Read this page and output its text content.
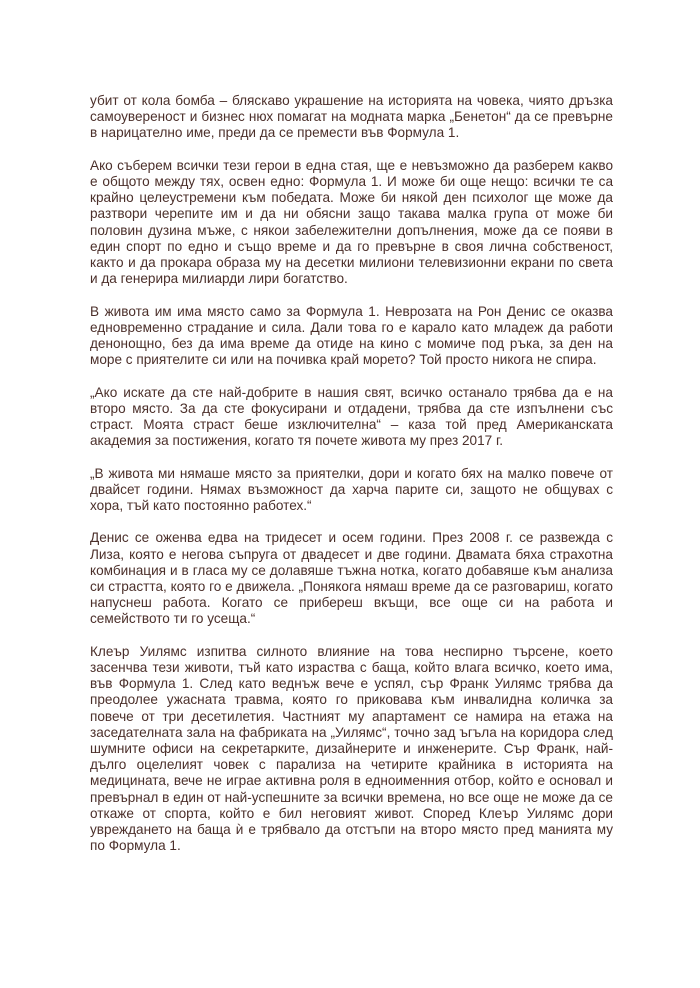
убит от кола бомба – бляскаво украшение на историята на човека, чиято дръзка самоувереност и бизнес нюх помагат на модната марка „Бенетон“ да се превърне в нарицателно име, преди да се премести във Формула 1.

Ако съберем всички тези герои в една стая, ще е невъзможно да разберем какво е общото между тях, освен едно: Формула 1. И може би още нещо: всички те са крайно целеустремени към победата. Може би някой ден психолог ще може да разтвори черепите им и да ни обясни защо такава малка група от може би половин дузина мъже, с някои забележителни допълнения, може да се появи в един спорт по едно и също време и да го превърне в своя лична собственост, както и да прокара образа му на десетки милиони телевизионни екрани по света и да генерира милиарди лири богатство.

В живота им има място само за Формула 1. Неврозата на Рон Денис се оказва едновременно страдание и сила. Дали това го е карало като младеж да работи денонощно, без да има време да отиде на кино с момиче под ръка, за ден на море с приятелите си или на почивка край морето? Той просто никога не спира.

„Ако искате да сте най-добрите в нашия свят, всичко останало трябва да е на второ място. За да сте фокусирани и отдадени, трябва да сте изпълнени със страст. Моята страст беше изключителна“ – каза той пред Американската академия за постижения, когато тя почете живота му през 2017 г.

„В живота ми нямаше място за приятелки, дори и когато бях на малко повече от двайсет години. Нямах възможност да харча парите си, защото не общувах с хора, тъй като постоянно работех.“

Денис се оженва едва на тридесет и осем години. През 2008 г. се развежда с Лиза, която е негова съпруга от двадесет и две години. Двамата бяха страхотна комбинация и в гласа му се долавяше тъжна нотка, когато добавяше към анализа си страстта, която го е движела. „Понякога нямаш време да се разговариш, когато напуснеш работа. Когато се прибереш вкъщи, все още си на работа и семейството ти го усеща.“

Клеър Уилямс изпитва силното влияние на това неспирно търсене, което засенчва тези животи, тъй като израства с баща, който влага всичко, което има, във Формула 1. След като веднъж вече е успял, сър Франк Уилямс трябва да преодолее ужасната травма, която го приковава към инвалидна количка за повече от три десетилетия. Частният му апартамент се намира на етажа на заседателната зала на фабриката на „Уилямс“, точно зад ъгъла на коридора след шумните офиси на секретарките, дизайнерите и инженерите. Сър Франк, най-дълго оцелелият човек с парализа на четирите крайника в историята на медицината, вече не играе активна роля в едноименния отбор, който е основал и превърнал в един от най-успешните за всички времена, но все още не може да се откаже от спорта, който е бил неговият живот. Според Клеър Уилямс дори увреждането на баща ѝ е трябвало да отстъпи на второ място пред манията му по Формула 1.
